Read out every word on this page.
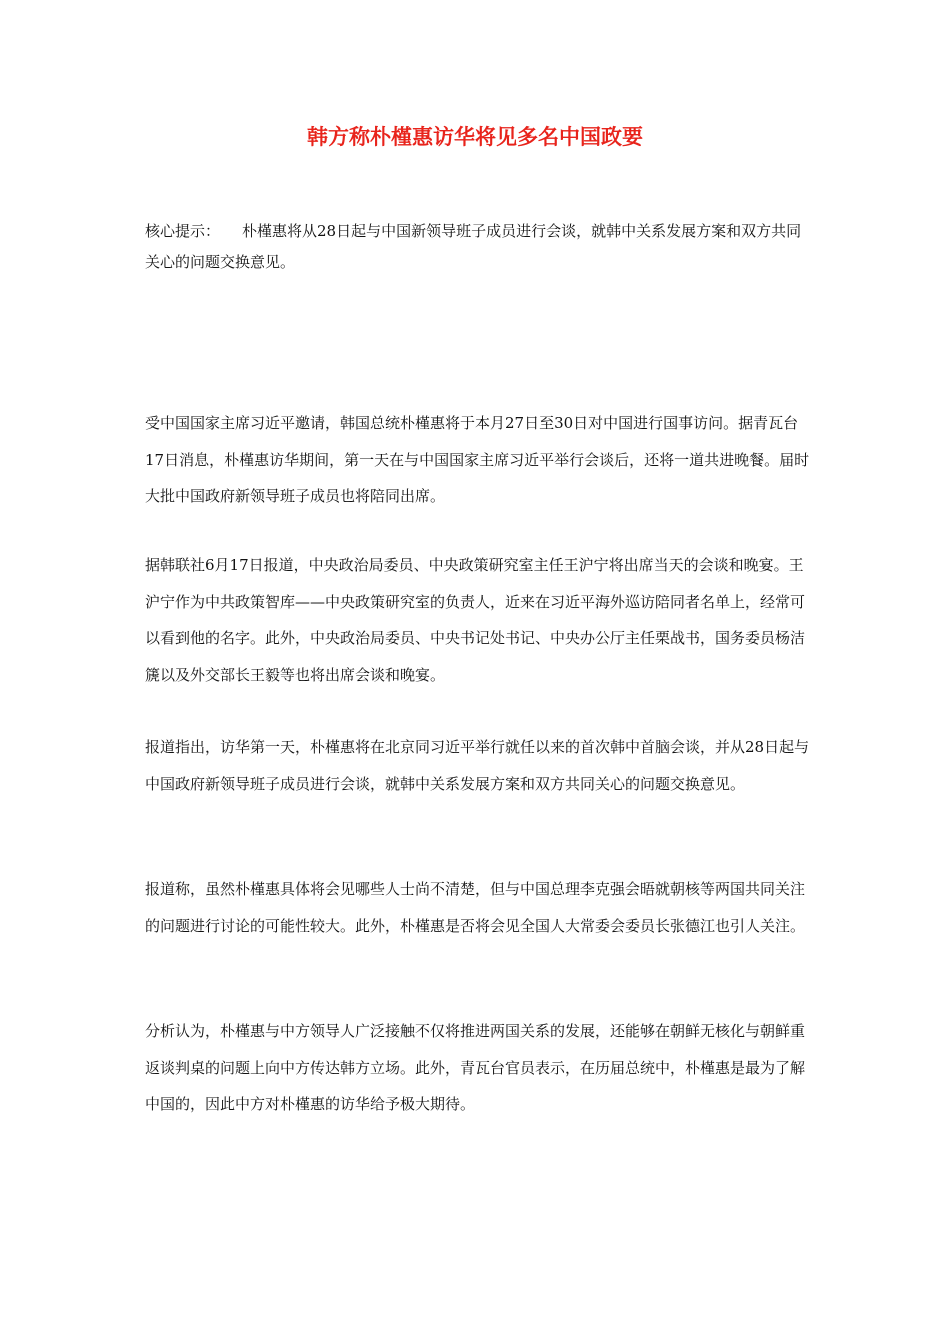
韩方称朴槿惠访华将见多名中国政要

核心提示： 朴槿惠将从28日起与中国新领导班子成员进行会谈，就韩中关系发展方案和双方共同关心的问题交换意见。

受中国国家主席习近平邀请，韩国总统朴槿惠将于本月27日至30日对中国进行国事访问。据青瓦台17日消息，朴槿惠访华期间，第一天在与中国国家主席习近平举行会谈后，还将一道共进晚餐。届时大批中国政府新领导班子成员也将陪同出席。

据韩联社6月17日报道，中央政治局委员、中央政策研究室主任王沪宁将出席当天的会谈和晚宴。王沪宁作为中共政策智库——中央政策研究室的负责人，近来在习近平海外巡访陪同者名单上，经常可以看到他的名字。此外，中央政治局委员、中央书记处书记、中央办公厅主任栗战书，国务委员杨洁篪以及外交部长王毅等也将出席会谈和晚宴。

报道指出，访华第一天，朴槿惠将在北京同习近平举行就任以来的首次韩中首脑会谈，并从28日起与中国政府新领导班子成员进行会谈，就韩中关系发展方案和双方共同关心的问题交换意见。

报道称，虽然朴槿惠具体将会见哪些人士尚不清楚，但与中国总理李克强会晤就朝核等两国共同关注的问题进行讨论的可能性较大。此外，朴槿惠是否将会见全国人大常委会委员长张德江也引人关注。

分析认为，朴槿惠与中方领导人广泛接触不仅将推进两国关系的发展，还能够在朝鲜无核化与朝鲜重返谈判桌的问题上向中方传达韩方立场。此外，青瓦台官员表示，在历届总统中，朴槿惠是最为了解中国的，因此中方对朴槿惠的访华给予极大期待。
